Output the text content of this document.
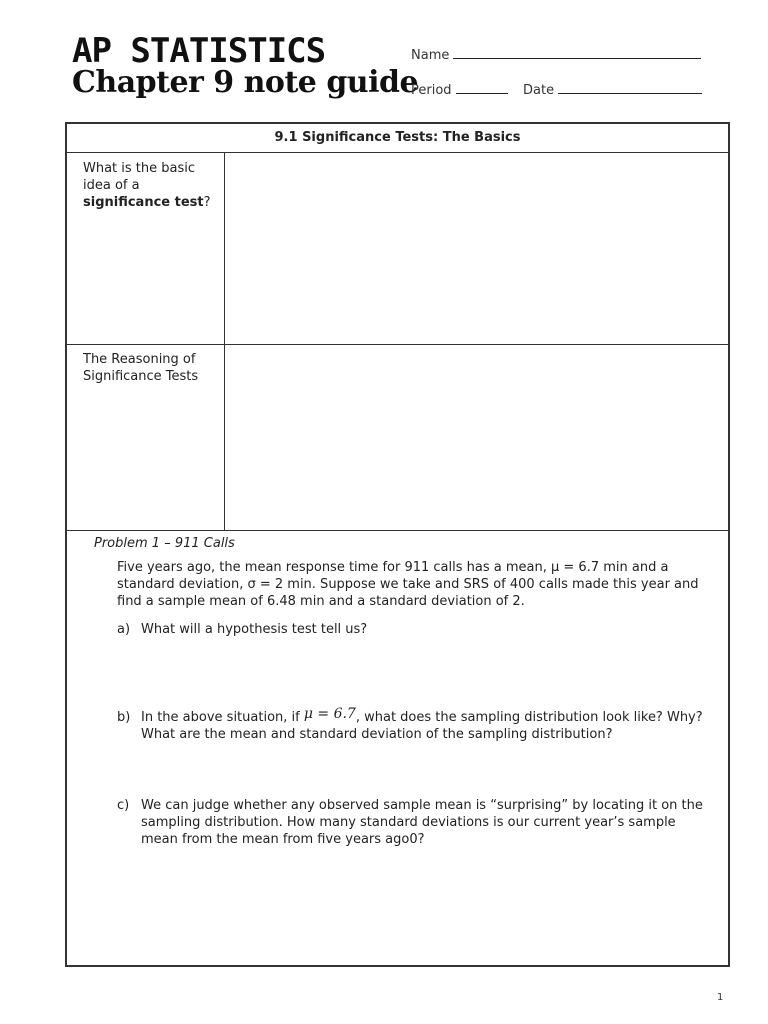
AP STATISTICS
Chapter 9 note guide
Name
Period	Date
9.1 Significance Tests: The Basics
What is the basic idea of a significance test?
The Reasoning of Significance Tests
Problem 1 – 911 Calls
Five years ago, the mean response time for 911 calls has a mean, μ = 6.7 min and a standard deviation, σ = 2 min. Suppose we take and SRS of 400 calls made this year and find a sample mean of 6.48 min and a standard deviation of 2.
a) What will a hypothesis test tell us?
b) In the above situation, if μ = 6.7, what does the sampling distribution look like? Why? What are the mean and standard deviation of the sampling distribution?
c) We can judge whether any observed sample mean is “surprising” by locating it on the sampling distribution. How many standard deviations is our current year’s sample mean from the mean from five years ago0?
1
